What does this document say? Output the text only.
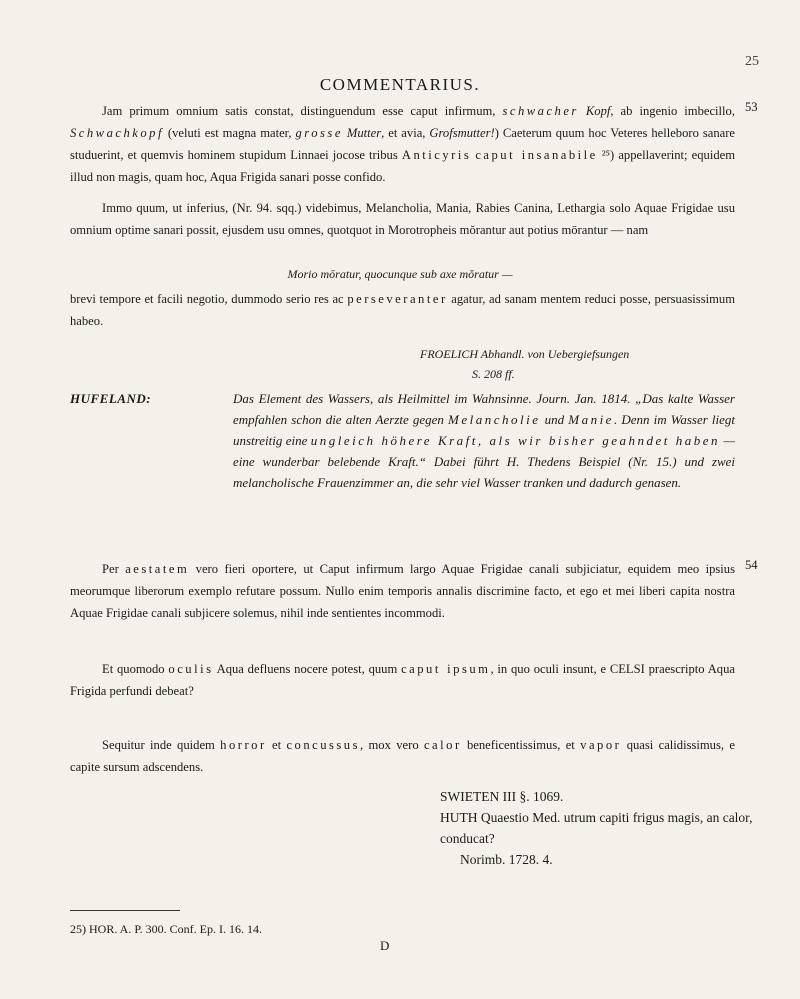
25
COMMENTARIUS.

Jam primum omnium satis constat, distinguendum esse caput infirmum, schwacher Kopf, ab ingenio imbecillo, Schwachkopf (veluti est magna mater, grosse Mutter, et avia, Grofsmutter!) Caeterum quum hoc Veteres helleboro sanare studuerint, et quemvis hominem stupidum Linnaei jocose tribus Anticyris caput insanabile ²⁵) appellaverint; equidem illud non magis, quam hoc, Aqua Frigida sanari posse confido.

53

Immo quum, ut inferius, (Nr. 94. sqq.) videbimus, Melancholia, Mania, Rabies Canina, Lethargia solo Aquae Frigidae usu omnium optime sanari possit, ejusdem usu omnes, quotquot in Morotropheis mŏrantur aut potius mōrantur — nam

Morio mōratur, quocunque sub axe mŏratur —

brevi tempore et facili negotio, dummodo serio res ac perseveranter agatur, ad sanam mentem reduci posse, persuasissimum habeo.

FROELICH Abhandl. von Uebergiefsungen
S. 208 ff.
HUFELAND:	Das Element des Wassers, als Heilmittel im Wahnsinne. Journ. Jan. 1814. „Das kalte Wasser empfahlen schon die alten Aerzte gegen Melancholie und Manie. Denn im Wasser liegt unstreitig eine ungleich höhere Kraft, als wir bisher geahndet haben — eine wunderbar belebende Kraft.“ Dabei führt H. Thedens Beispiel (Nr. 15.) und zwei melancholische Frauenzimmer an, die sehr viel Wasser tranken und dadurch genasen.

Per aestatem vero fieri oportere, ut Caput infirmum largo Aquae Frigidae canali subjiciatur, equidem meo ipsius meorumque liberorum exemplo refutare possum. Nullo enim temporis annalis discrimine facto, et ego et mei liberi capita nostra Aquae Frigidae canali subjicere solemus, nihil inde sentientes incommodi.

54

Et quomodo oculis Aqua defluens nocere potest, quum caput ipsum, in quo oculi insunt, e CELSI praescripto Aqua Frigida perfundi debeat?

Sequitur inde quidem horror et concussus, mox vero calor beneficentissimus, et vapor quasi calidissimus, e capite sursum adscendens.

SWIETEN III §. 1069.
HUTH Quaestio Med. utrum capiti frigus magis, an calor, conducat?
Norimb. 1728. 4.
25) HOR. A. P. 300. Conf. Ep. I. 16. 14.
D
